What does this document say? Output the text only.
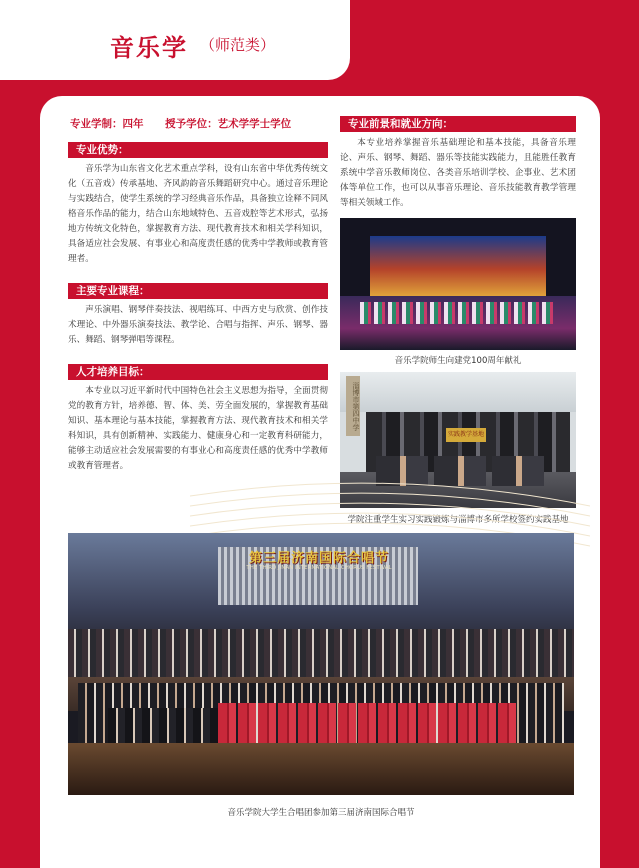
音乐学 （师范类）
专业学制：四年 授予学位：艺术学学士学位
专业优势：
音乐学为山东省文化艺术重点学科，设有山东省中华优秀传统文化（五音戏）传承基地、齐风韵韵音乐舞蹈研究中心。通过音乐理论与实践结合，使学生系统的学习经典音乐作品，具备独立诠释不同风格音乐作品的能力，结合山东地域特色、五音戏腔等艺术形式，弘扬地方传统文化特色，掌握教育方法、现代教育技术和相关学科知识，具备适应社会发展、有事业心和高度责任感的优秀中学教师或教育管理者。
主要专业课程：
声乐演唱、钢琴伴奏技法、视唱练耳、中西方史与欣赏、创作技术理论、中外器乐演奏技法、教学论、合唱与指挥、声乐、钢琴、器乐、舞蹈、钢琴弹唱等课程。
人才培养目标：
本专业以习近平新时代中国特色社会主义思想为指导，全面贯彻党的教育方针，培养德、智、体、美、劳全面发展的，掌握教育基础知识、基本理论与基本技能，掌握教育方法、现代教育技术和相关学科知识，具有创新精神、实践能力、健康身心和一定教育科研能力，能够主动适应社会发展需要的有事业心和高度责任感的优秀中学教师或教育管理者。
专业前景和就业方向：
本专业培养掌握音乐基础理论和基本技能，具备音乐理论、声乐、钢琴、舞蹈、器乐等技能实践能力，且能胜任教育系统中学音乐教师岗位、各类音乐培训学校、企事业、艺术团体等单位工作，也可以从事音乐理论、音乐技能教育教学管理等相关领域工作。
音乐学院师生向建党100周年献礼
淄博市第四中学
实践教学基地
学院注重学生实习实践锻炼与淄博市多所学校签约实践基地
第三届济南国际合唱节
THE THIRD JINAN INTERNATIONAL CHORUS FESTIVAL
音乐学院大学生合唱团参加第三届济南国际合唱节
